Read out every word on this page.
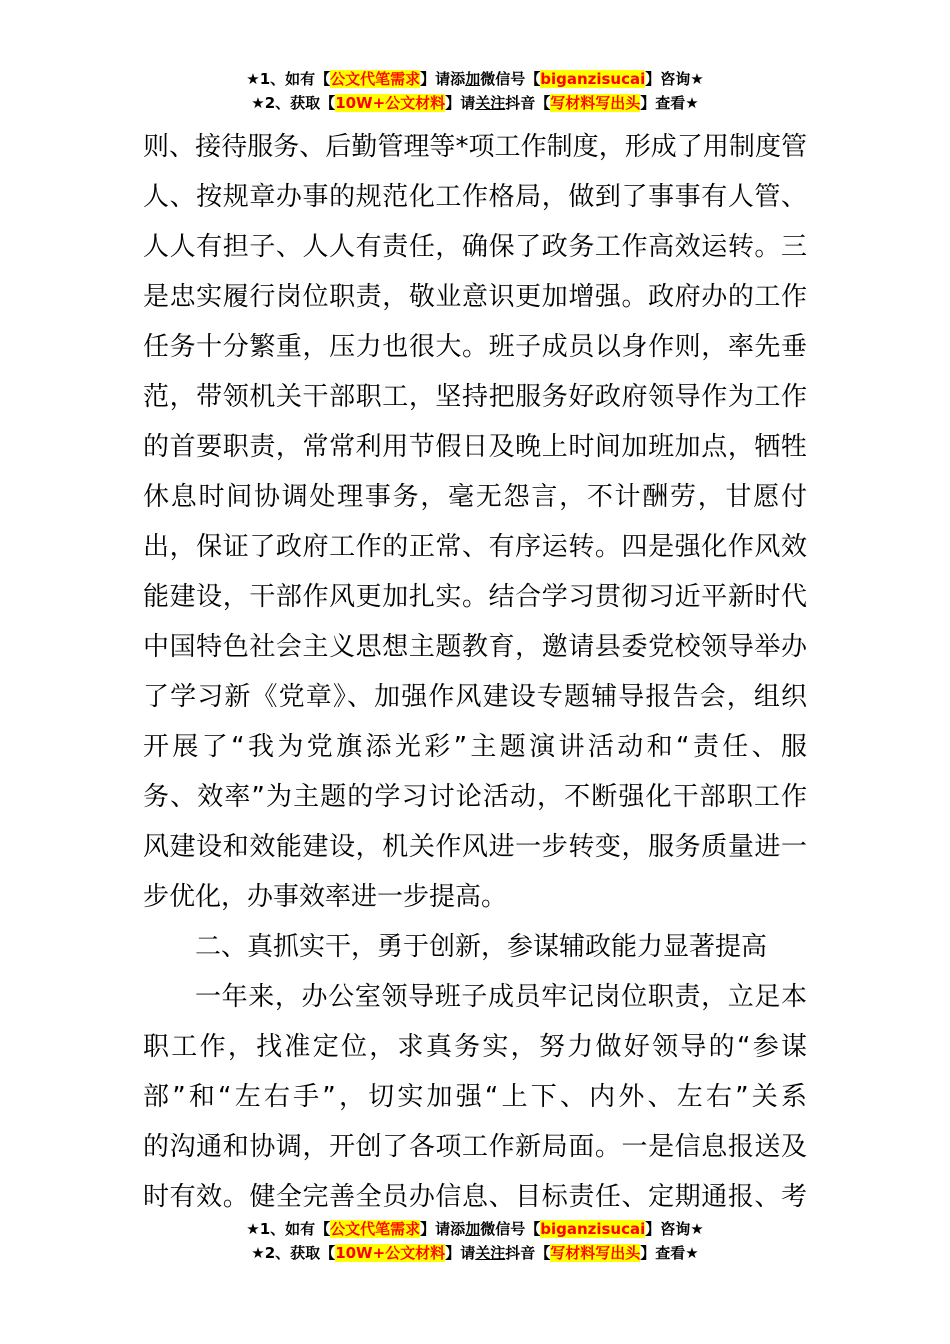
★1、如有【公文代笔需求】请添加微信号【biganzisucai】咨询★
★2、获取【10W+公文材料】请关注抖音【写材料写出头】查看★
则、接待服务、后勤管理等*项工作制度，形成了用制度管
人、按规章办事的规范化工作格局，做到了事事有人管、
人人有担子、人人有责任，确保了政务工作高效运转。三
是忠实履行岗位职责，敬业意识更加增强。政府办的工作
任务十分繁重，压力也很大。班子成员以身作则，率先垂
范，带领机关干部职工，坚持把服务好政府领导作为工作
的首要职责，常常利用节假日及晚上时间加班加点，牺牲
休息时间协调处理事务，毫无怨言，不计酬劳，甘愿付
出，保证了政府工作的正常、有序运转。四是强化作风效
能建设，干部作风更加扎实。结合学习贯彻习近平新时代
中国特色社会主义思想主题教育，邀请县委党校领导举办
了学习新《党章》、加强作风建设专题辅导报告会，组织
开展了“我为党旗添光彩”主题演讲活动和“责任、服
务、效率”为主题的学习讨论活动，不断强化干部职工作
风建设和效能建设，机关作风进一步转变，服务质量进一
步优化，办事效率进一步提高。
二、真抓实干，勇于创新，参谋辅政能力显著提高
一年来，办公室领导班子成员牢记岗位职责，立足本
职工作，找准定位，求真务实，努力做好领导的“参谋
部”和“左右手”，切实加强“上下、内外、左右”关系
的沟通和协调，开创了各项工作新局面。一是信息报送及
时有效。健全完善全员办信息、目标责任、定期通报、考
★1、如有【公文代笔需求】请添加微信号【biganzisucai】咨询★
★2、获取【10W+公文材料】请关注抖音【写材料写出头】查看★
